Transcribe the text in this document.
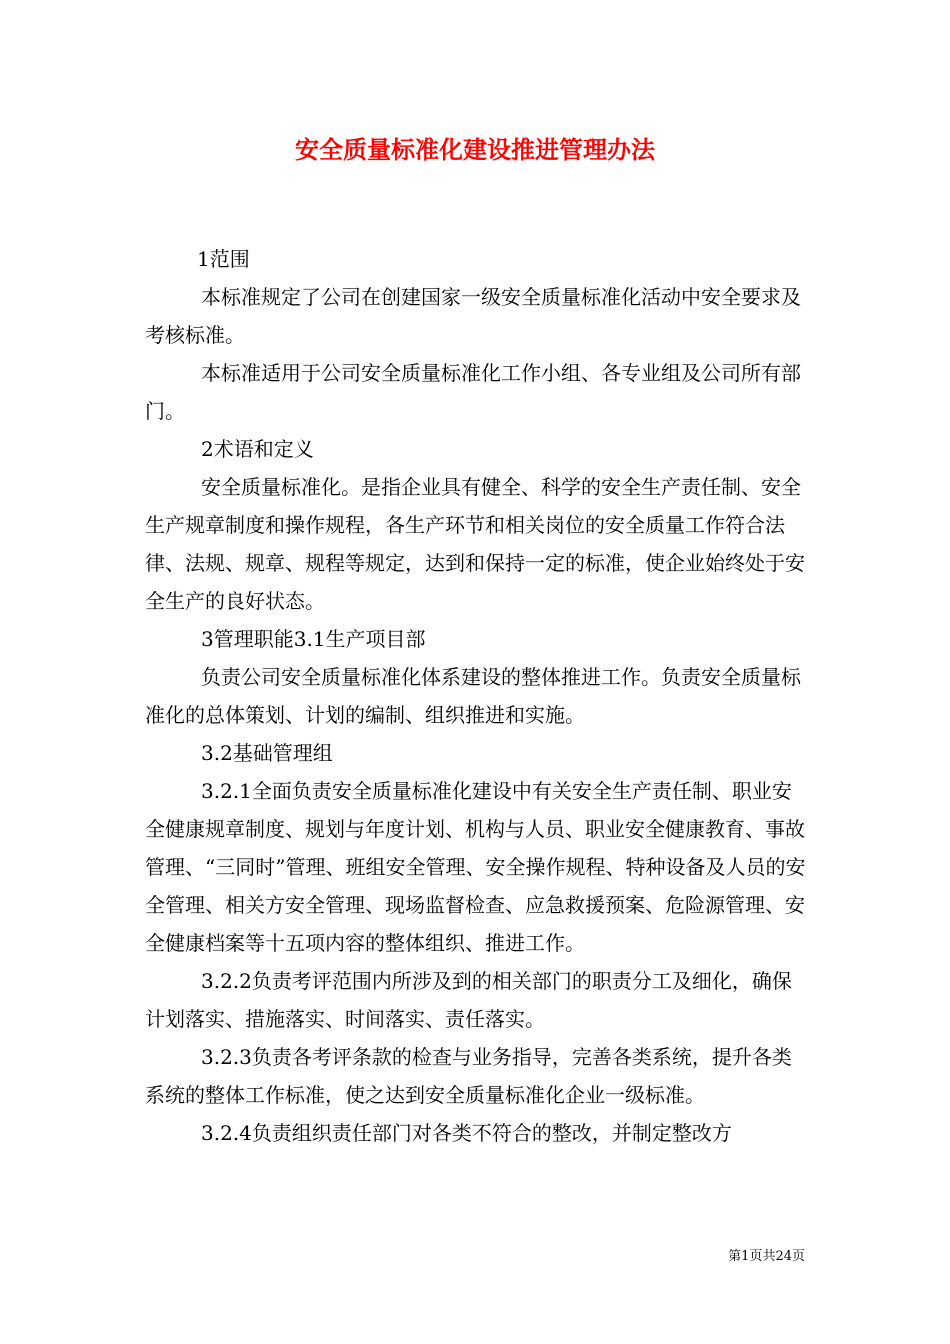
安全质量标准化建设推进管理办法

1范围

本标准规定了公司在创建国家一级安全质量标准化活动中安全要求及考核标准。

本标准适用于公司安全质量标准化工作小组、各专业组及公司所有部门。

2术语和定义

安全质量标准化。是指企业具有健全、科学的安全生产责任制、安全生产规章制度和操作规程，各生产环节和相关岗位的安全质量工作符合法律、法规、规章、规程等规定，达到和保持一定的标准，使企业始终处于安全生产的良好状态。

3管理职能3.1生产项目部

负责公司安全质量标准化体系建设的整体推进工作。负责安全质量标准化的总体策划、计划的编制、组织推进和实施。

3.2基础管理组

3.2.1全面负责安全质量标准化建设中有关安全生产责任制、职业安全健康规章制度、规划与年度计划、机构与人员、职业安全健康教育、事故管理、“三同时”管理、班组安全管理、安全操作规程、特种设备及人员的安全管理、相关方安全管理、现场监督检查、应急救援预案、危险源管理、安全健康档案等十五项内容的整体组织、推进工作。

3.2.2负责考评范围内所涉及到的相关部门的职责分工及细化，确保计划落实、措施落实、时间落实、责任落实。

3.2.3负责各考评条款的检查与业务指导，完善各类系统，提升各类系统的整体工作标准，使之达到安全质量标准化企业一级标准。

3.2.4负责组织责任部门对各类不符合的整改，并制定整改方

第1页共24页
